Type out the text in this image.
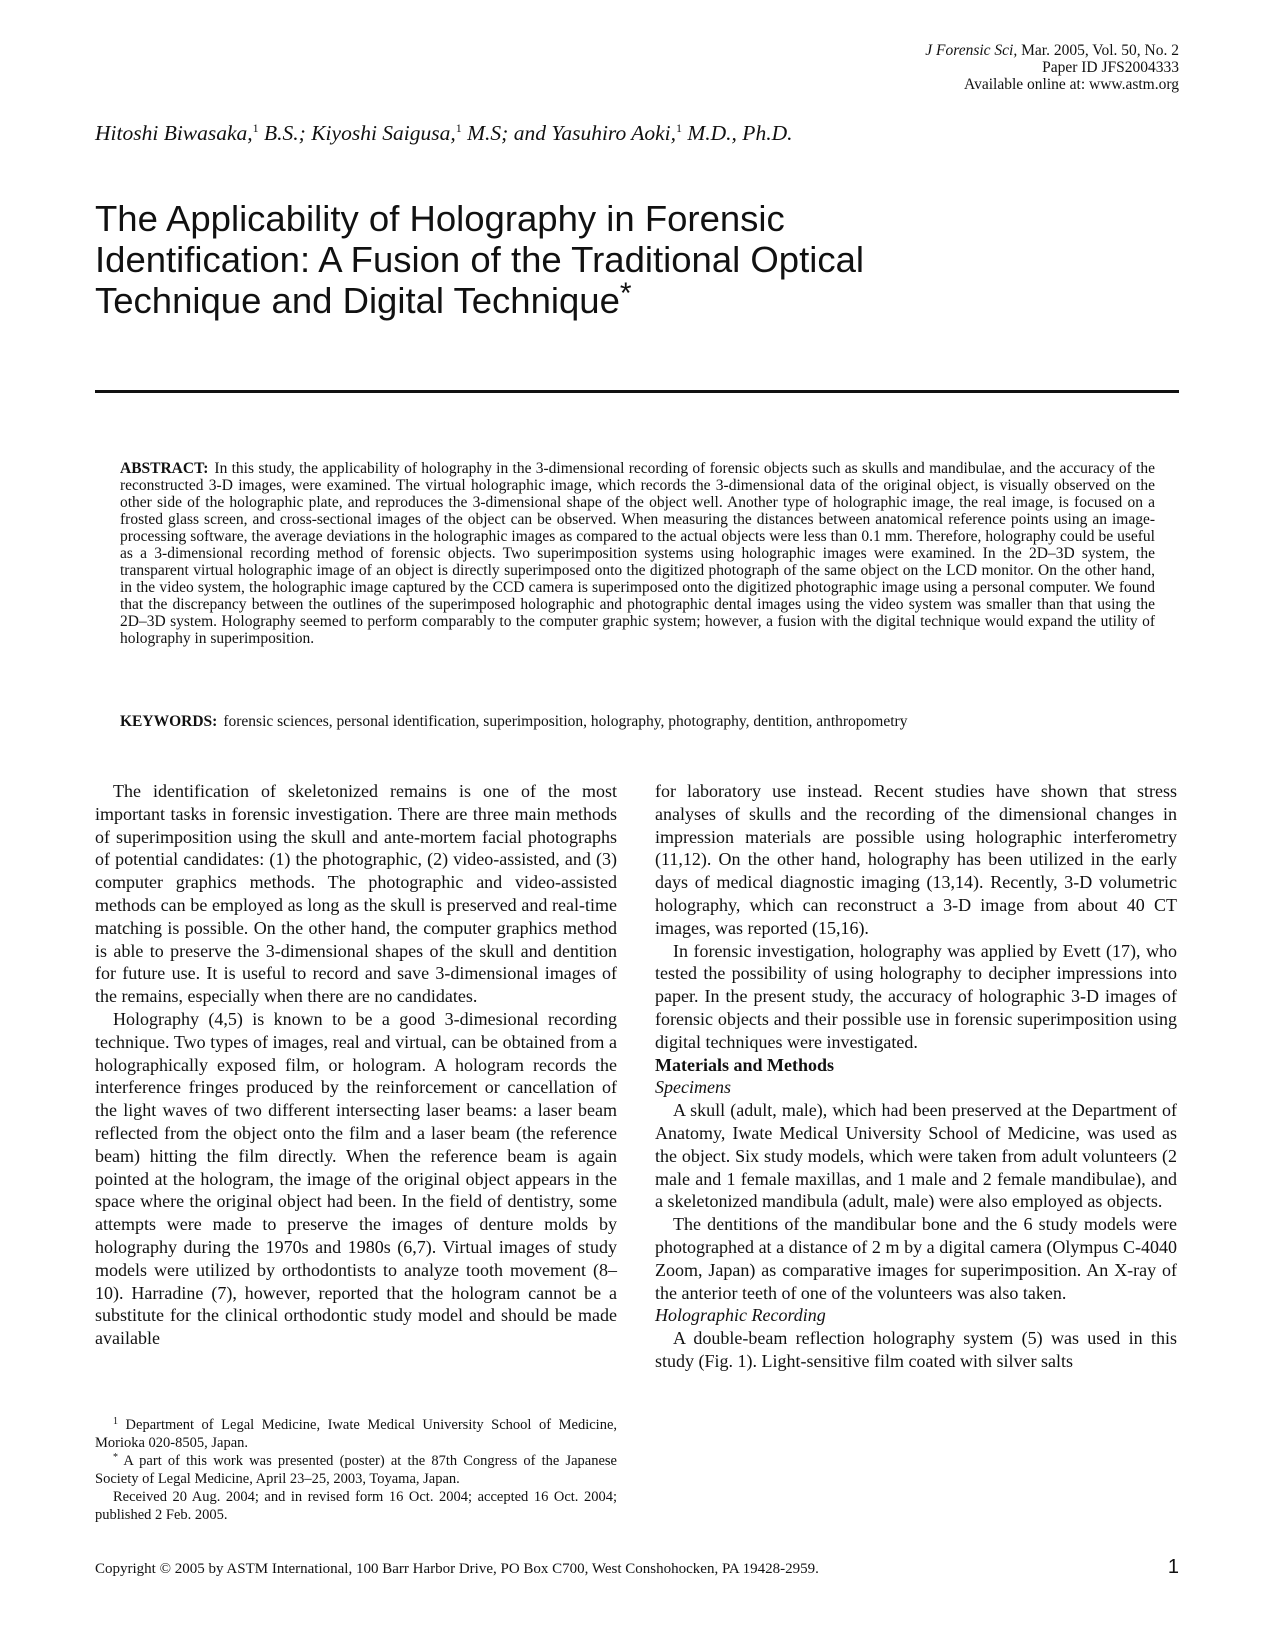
J Forensic Sci, Mar. 2005, Vol. 50, No. 2
Paper ID JFS2004333
Available online at: www.astm.org
Hitoshi Biwasaka,$^1$ B.S.; Kiyoshi Saigusa,$^1$ M.S; and Yasuhiro Aoki,$^1$ M.D., Ph.D.
The Applicability of Holography in Forensic Identification: A Fusion of the Traditional Optical Technique and Digital Technique*

ABSTRACT: In this study, the applicability of holography in the 3-dimensional recording of forensic objects such as skulls and mandibulae, and the accuracy of the reconstructed 3-D images, were examined. The virtual holographic image, which records the 3-dimensional data of the original object, is visually observed on the other side of the holographic plate, and reproduces the 3-dimensional shape of the object well. Another type of holographic image, the real image, is focused on a frosted glass screen, and cross-sectional images of the object can be observed. When measuring the distances between anatomical reference points using an image-processing software, the average deviations in the holographic images as compared to the actual objects were less than 0.1 mm. Therefore, holography could be useful as a 3-dimensional recording method of forensic objects. Two superimposition systems using holographic images were examined. In the 2D–3D system, the transparent virtual holographic image of an object is directly superimposed onto the digitized photograph of the same object on the LCD monitor. On the other hand, in the video system, the holographic image captured by the CCD camera is superimposed onto the digitized photographic image using a personal computer. We found that the discrepancy between the outlines of the superimposed holographic and photographic dental images using the video system was smaller than that using the 2D–3D system. Holography seemed to perform comparably to the computer graphic system; however, a fusion with the digital technique would expand the utility of holography in superimposition.

KEYWORDS: forensic sciences, personal identification, superimposition, holography, photography, dentition, anthropometry

The identification of skeletonized remains is one of the most important tasks in forensic investigation. There are three main methods of superimposition using the skull and ante-mortem facial photographs of potential candidates: (1) the photographic, (2) video-assisted, and (3) computer graphics methods. The photographic and video-assisted methods can be employed as long as the skull is preserved and real-time matching is possible. On the other hand, the computer graphics method is able to preserve the 3-dimensional shapes of the skull and dentition for future use. It is useful to record and save 3-dimensional images of the remains, especially when there are no candidates.

Holography (4,5) is known to be a good 3-dimesional recording technique. Two types of images, real and virtual, can be obtained from a holographically exposed film, or hologram. A hologram records the interference fringes produced by the reinforcement or cancellation of the light waves of two different intersecting laser beams: a laser beam reflected from the object onto the film and a laser beam (the reference beam) hitting the film directly. When the reference beam is again pointed at the hologram, the image of the original object appears in the space where the original object had been. In the field of dentistry, some attempts were made to preserve the images of denture molds by holography during the 1970s and 1980s (6,7). Virtual images of study models were utilized by orthodontists to analyze tooth movement (8–10). Harradine (7), however, reported that the hologram cannot be a substitute for the clinical orthodontic study model and should be made available

for laboratory use instead. Recent studies have shown that stress analyses of skulls and the recording of the dimensional changes in impression materials are possible using holographic interferometry (11,12). On the other hand, holography has been utilized in the early days of medical diagnostic imaging (13,14). Recently, 3-D volumetric holography, which can reconstruct a 3-D image from about 40 CT images, was reported (15,16).

In forensic investigation, holography was applied by Evett (17), who tested the possibility of using holography to decipher impressions into paper. In the present study, the accuracy of holographic 3-D images of forensic objects and their possible use in forensic superimposition using digital techniques were investigated.

Materials and Methods

Specimens

A skull (adult, male), which had been preserved at the Department of Anatomy, Iwate Medical University School of Medicine, was used as the object. Six study models, which were taken from adult volunteers (2 male and 1 female maxillas, and 1 male and 2 female mandibulae), and a skeletonized mandibula (adult, male) were also employed as objects.

The dentitions of the mandibular bone and the 6 study models were photographed at a distance of 2 m by a digital camera (Olympus C-4040 Zoom, Japan) as comparative images for superimposition. An X-ray of the anterior teeth of one of the volunteers was also taken.

Holographic Recording

A double-beam reflection holography system (5) was used in this study (Fig. 1). Light-sensitive film coated with silver salts

$^1$ Department of Legal Medicine, Iwate Medical University School of Medicine, Morioka 020-8505, Japan.

* A part of this work was presented (poster) at the 87th Congress of the Japanese Society of Legal Medicine, April 23–25, 2003, Toyama, Japan.

Received 20 Aug. 2004; and in revised form 16 Oct. 2004; accepted 16 Oct. 2004; published 2 Feb. 2005.

Copyright © 2005 by ASTM International, 100 Barr Harbor Drive, PO Box C700, West Conshohocken, PA 19428-2959.	1
